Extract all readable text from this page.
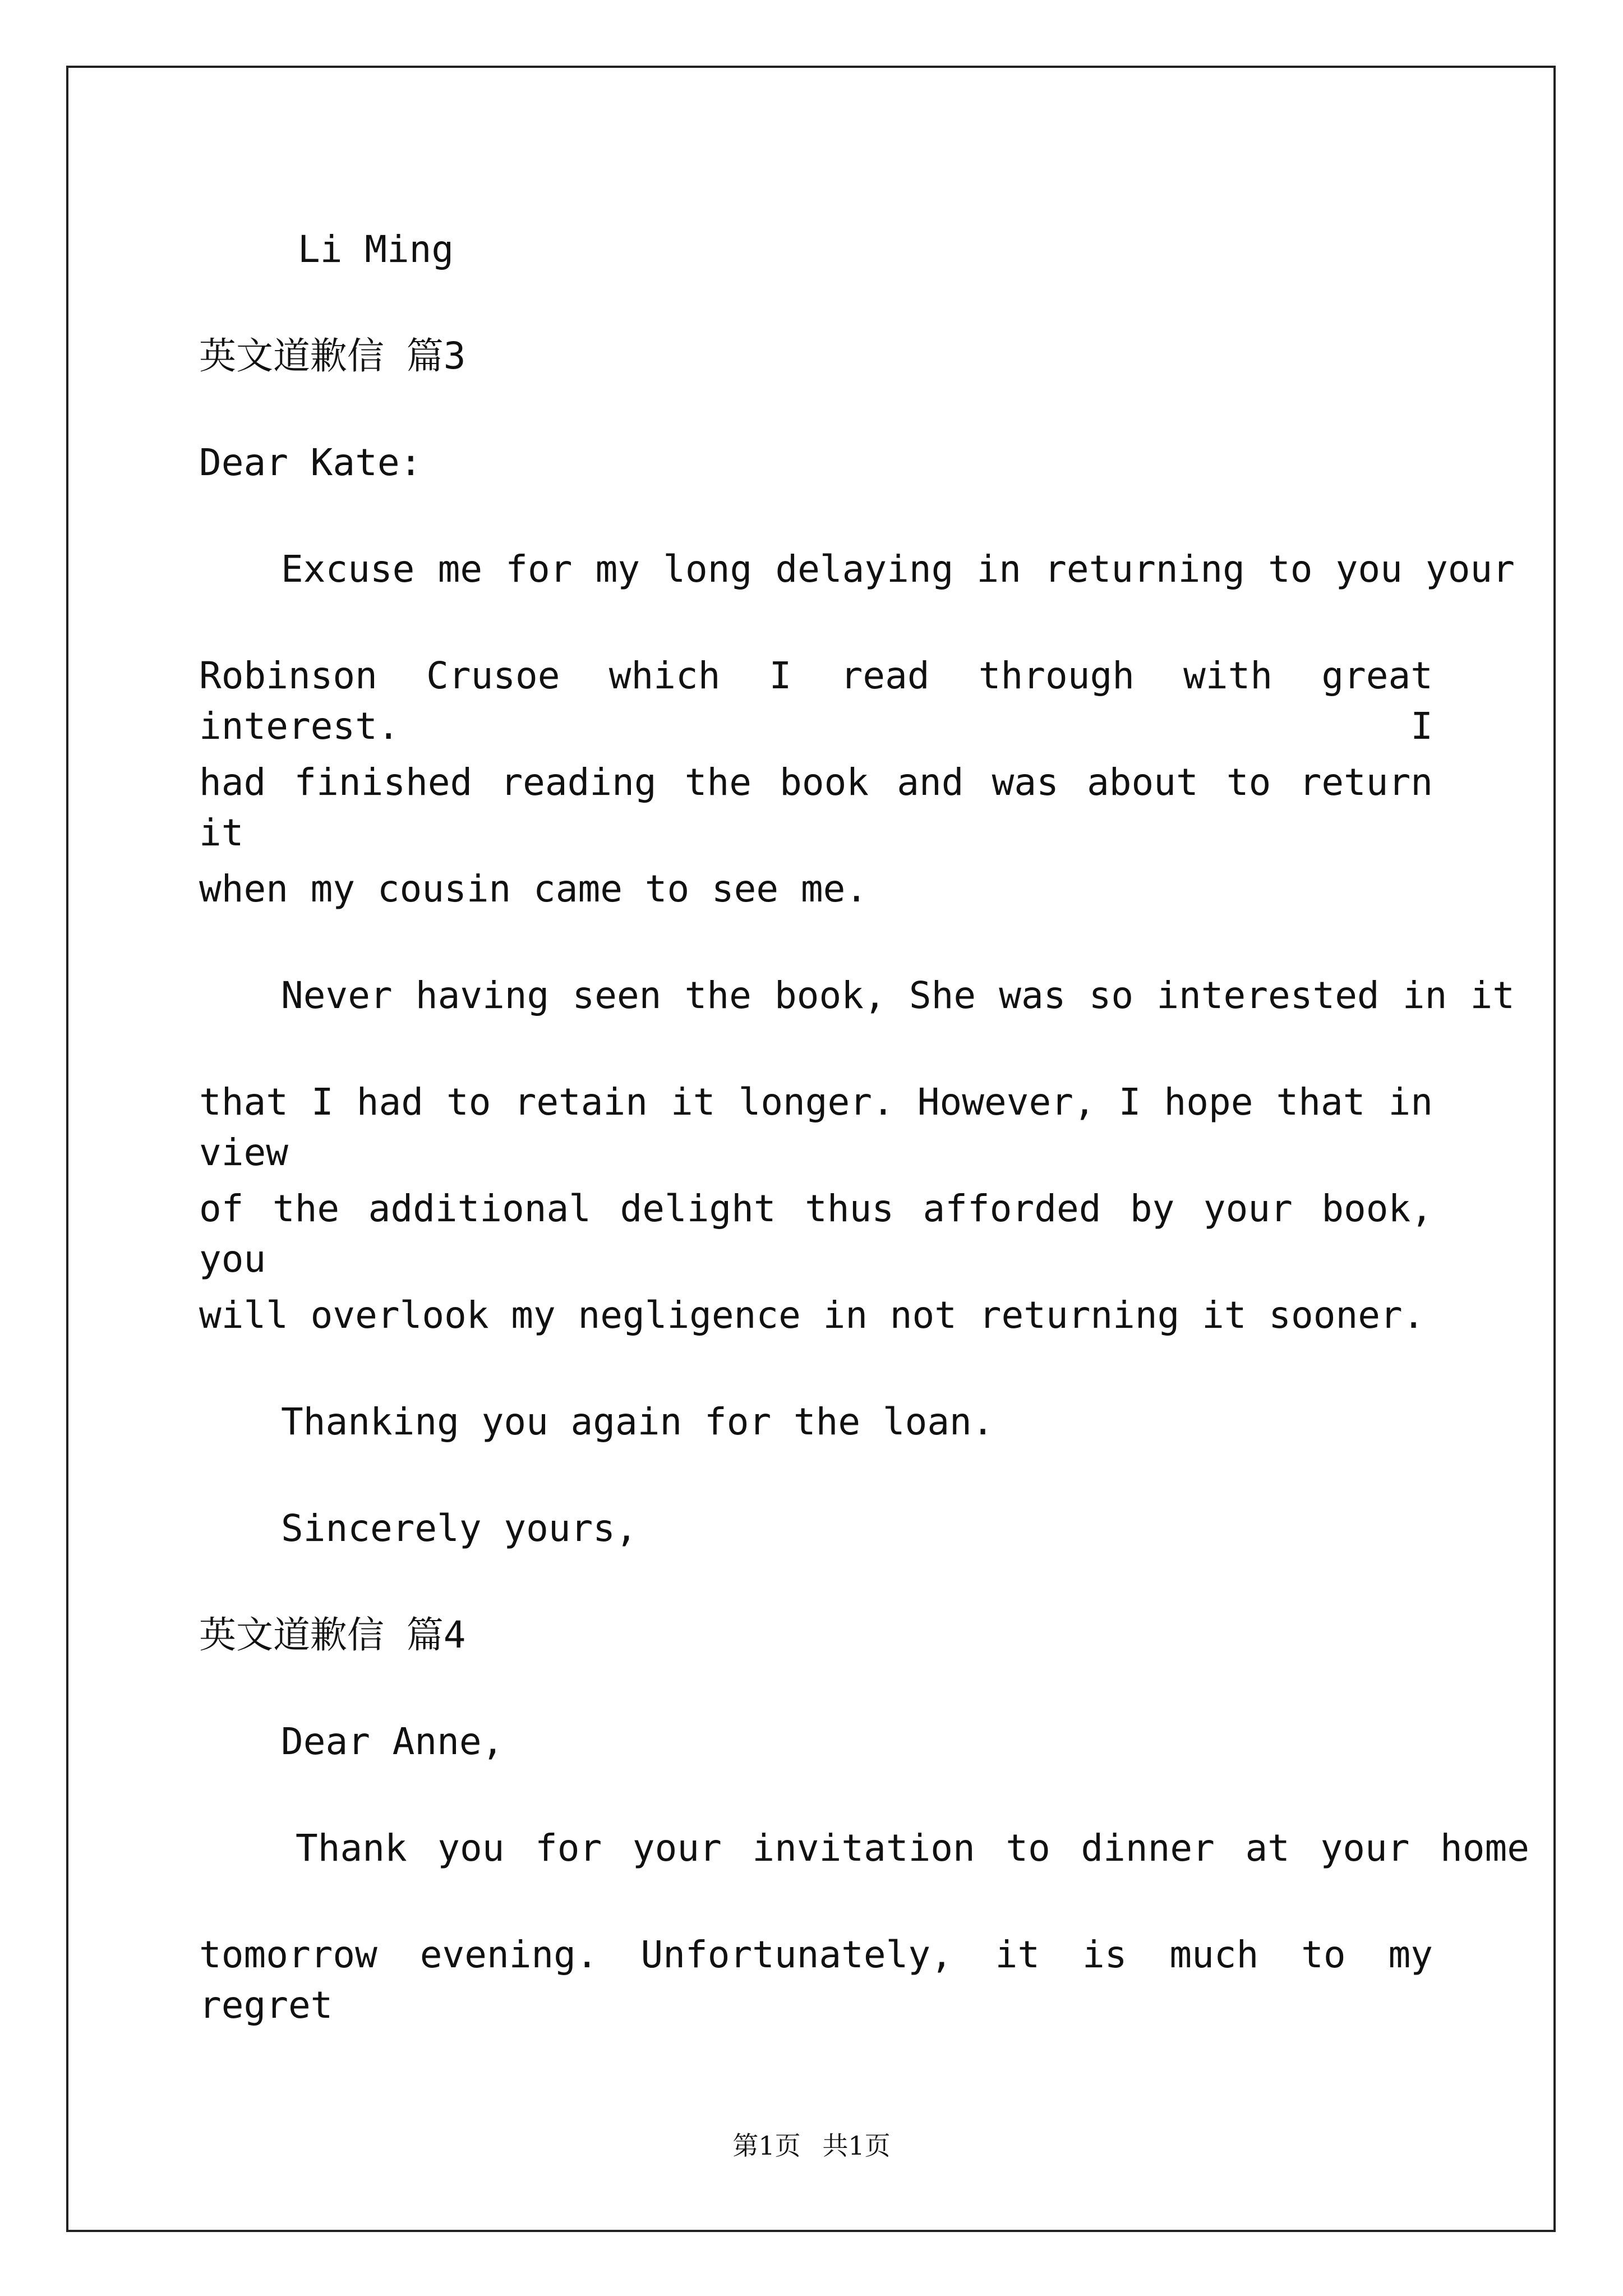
Li Ming
英文道歉信 篇3
Dear Kate:
Excuse me for my long delaying in returning to you your
Robinson Crusoe which I read through with great interest. I
had finished reading the book and was about to return it
when my cousin came to see me.
Never having seen the book, She was so interested in it
that I had to retain it longer. However, I hope that in view
of the additional delight thus afforded by your book, you
will overlook my negligence in not returning it sooner.
Thanking you again for the loan.
Sincerely yours,
英文道歉信 篇4
Dear Anne,
Thank you for your invitation to dinner at your home
tomorrow evening. Unfortunately, it is much to my regret
第1页 共1页
